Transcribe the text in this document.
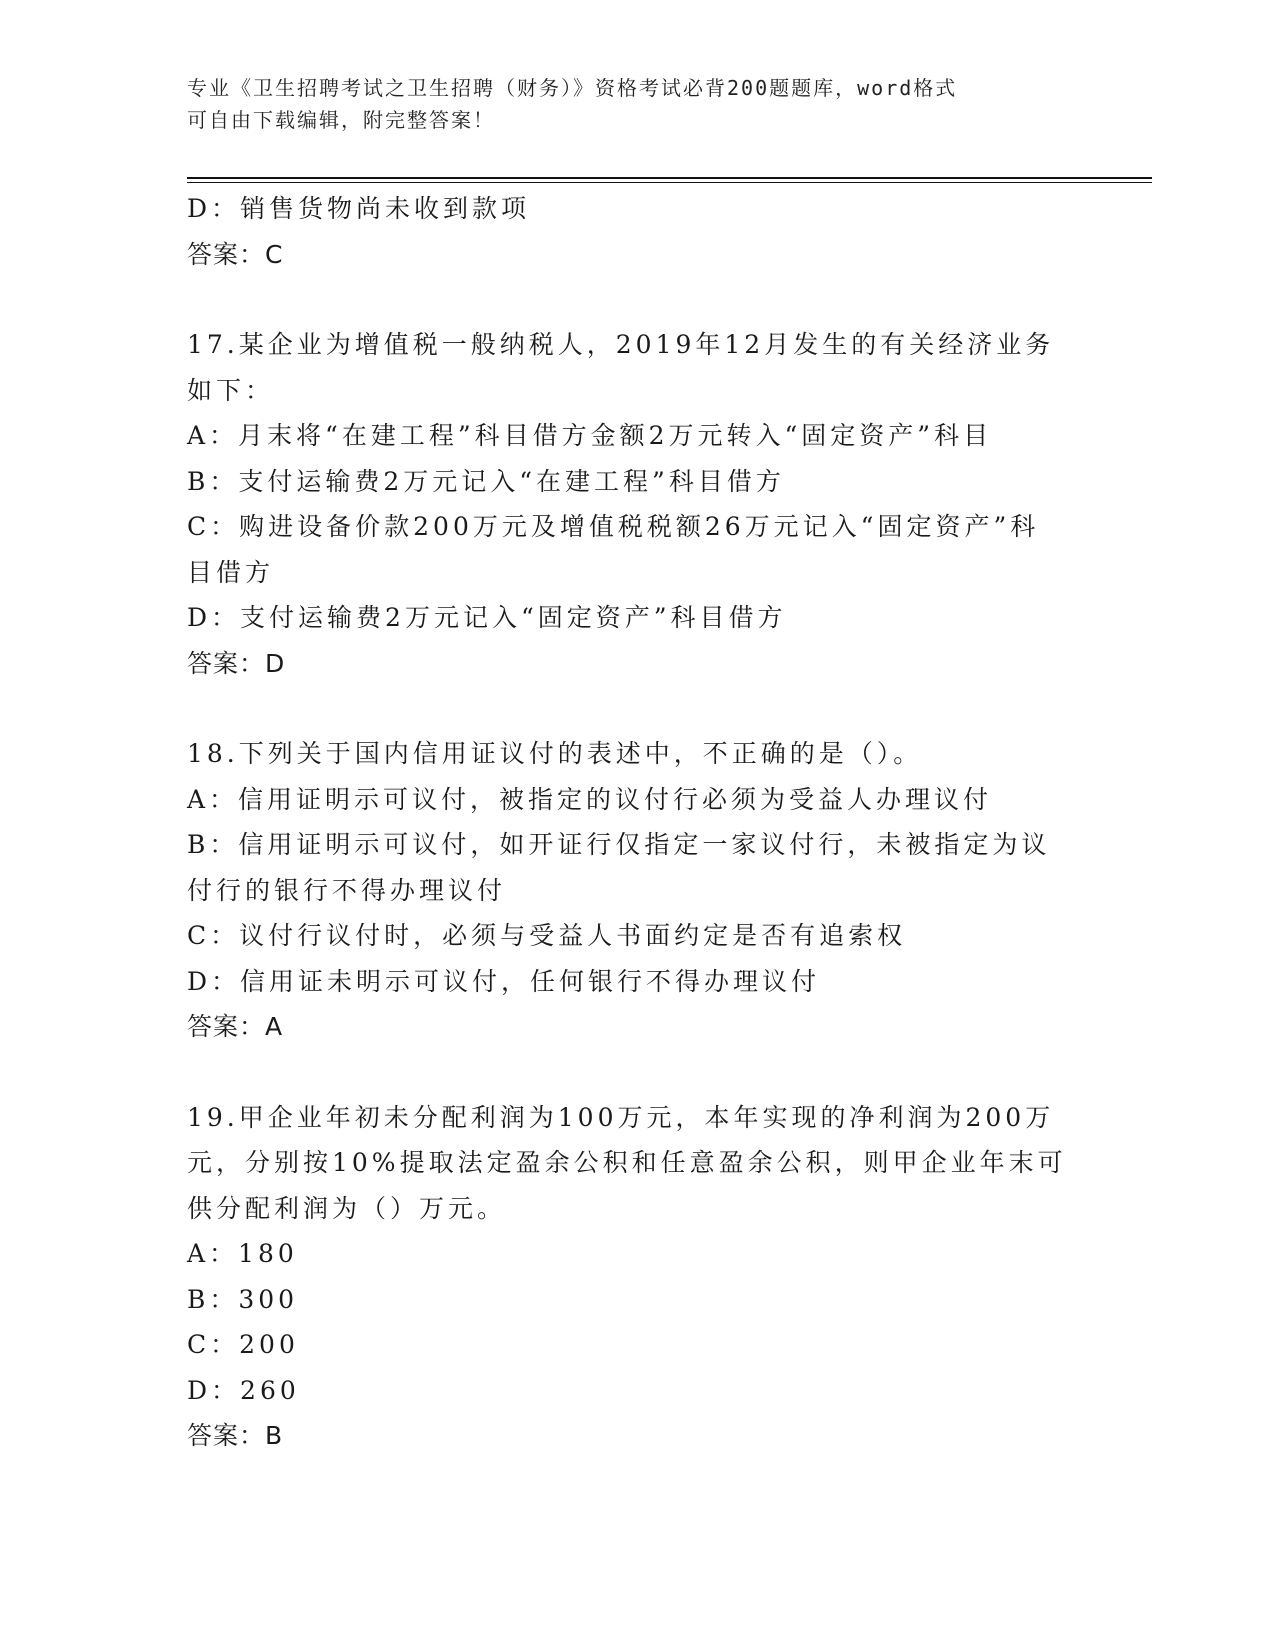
专业《卫生招聘考试之卫生招聘（财务）》资格考试必背200题题库，word格式
可自由下载编辑，附完整答案！
D：销售货物尚未收到款项
答案：C
17.某企业为增值税一般纳税人，2019年12月发生的有关经济业务如下：
A：月末将“在建工程”科目借方金额2万元转入“固定资产”科目
B：支付运输费2万元记入“在建工程”科目借方
C：购进设备价款200万元及增值税税额26万元记入“固定资产”科目借方
D：支付运输费2万元记入“固定资产”科目借方
答案：D
18.下列关于国内信用证议付的表述中，不正确的是（）。
A：信用证明示可议付，被指定的议付行必须为受益人办理议付
B：信用证明示可议付，如开证行仅指定一家议付行，未被指定为议付行的银行不得办理议付
C：议付行议付时，必须与受益人书面约定是否有追索权
D：信用证未明示可议付，任何银行不得办理议付
答案：A
19.甲企业年初未分配利润为100万元，本年实现的净利润为200万元，分别按10%提取法定盈余公积和任意盈余公积，则甲企业年末可供分配利润为（）万元。
A：180
B：300
C：200
D：260
答案：B
